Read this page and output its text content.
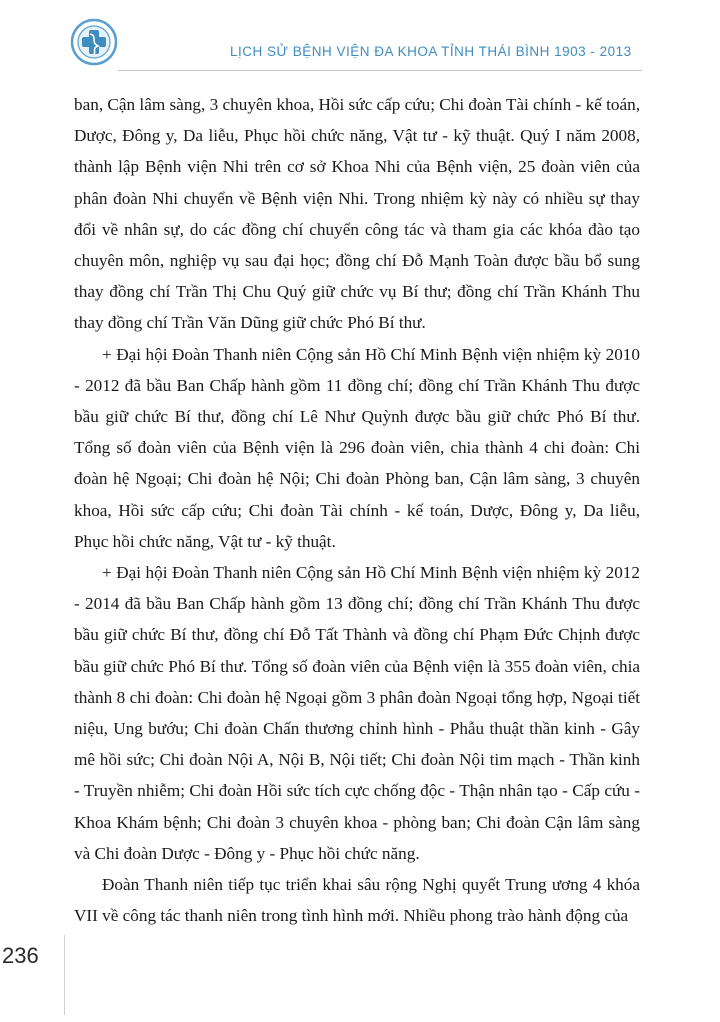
LỊCH SỬ BỆNH VIỆN ĐA KHOA TỈNH THÁI BÌNH 1903 - 2013

ban, Cận lâm sàng, 3 chuyên khoa, Hồi sức cấp cứu; Chi đoàn Tài chính - kế toán, Dược, Đông y, Da liễu, Phục hồi chức năng, Vật tư - kỹ thuật. Quý I năm 2008, thành lập Bệnh viện Nhi trên cơ sở Khoa Nhi của Bệnh viện, 25 đoàn viên của phân đoàn Nhi chuyển về Bệnh viện Nhi. Trong nhiệm kỳ này có nhiều sự thay đổi về nhân sự, do các đồng chí chuyển công tác và tham gia các khóa đào tạo chuyên môn, nghiệp vụ sau đại học; đồng chí Đỗ Mạnh Toàn được bầu bổ sung thay đồng chí Trần Thị Chu Quý giữ chức vụ Bí thư; đồng chí Trần Khánh Thu thay đồng chí Trần Văn Dũng giữ chức Phó Bí thư.

+ Đại hội Đoàn Thanh niên Cộng sản Hồ Chí Minh Bệnh viện nhiệm kỳ 2010 - 2012 đã bầu Ban Chấp hành gồm 11 đồng chí; đồng chí Trần Khánh Thu được bầu giữ chức Bí thư, đồng chí Lê Như Quỳnh được bầu giữ chức Phó Bí thư. Tổng số đoàn viên của Bệnh viện là 296 đoàn viên, chia thành 4 chi đoàn: Chi đoàn hệ Ngoại; Chi đoàn hệ Nội; Chi đoàn Phòng ban, Cận lâm sàng, 3 chuyên khoa, Hồi sức cấp cứu; Chi đoàn Tài chính - kế toán, Dược, Đông y, Da liễu, Phục hồi chức năng, Vật tư - kỹ thuật.

+ Đại hội Đoàn Thanh niên Cộng sản Hồ Chí Minh Bệnh viện nhiệm kỳ 2012 - 2014 đã bầu Ban Chấp hành gồm 13 đồng chí; đồng chí Trần Khánh Thu được bầu giữ chức Bí thư, đồng chí Đỗ Tất Thành và đồng chí Phạm Đức Chịnh được bầu giữ chức Phó Bí thư. Tổng số đoàn viên của Bệnh viện là 355 đoàn viên, chia thành 8 chi đoàn: Chi đoàn hệ Ngoại gồm 3 phân đoàn Ngoại tổng hợp, Ngoại tiết niệu, Ung bướu; Chi đoàn Chấn thương chỉnh hình - Phẫu thuật thần kinh - Gây mê hồi sức; Chi đoàn Nội A, Nội B, Nội tiết; Chi đoàn Nội tim mạch - Thần kinh - Truyền nhiễm; Chi đoàn Hồi sức tích cực chống độc - Thận nhân tạo - Cấp cứu - Khoa Khám bệnh; Chi đoàn 3 chuyên khoa - phòng ban; Chi đoàn Cận lâm sàng và Chi đoàn Dược - Đông y - Phục hồi chức năng.

Đoàn Thanh niên tiếp tục triển khai sâu rộng Nghị quyết Trung ương 4 khóa VII về công tác thanh niên trong tình hình mới. Nhiều phong trào hành động của

236
